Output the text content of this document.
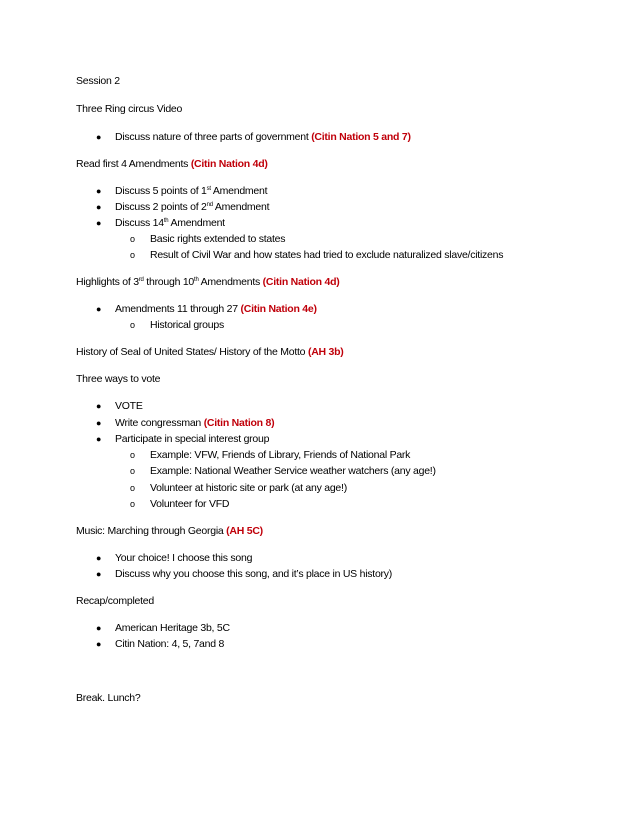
Session 2
Three Ring circus Video
● Discuss nature of three parts of government (Citin Nation 5 and 7)
Read first 4 Amendments (Citin Nation 4d)
● Discuss 5 points of 1st Amendment
● Discuss 2 points of 2nd Amendment
● Discuss 14th Amendment
o Basic rights extended to states
o Result of Civil War and how states had tried to exclude naturalized slave/citizens
Highlights of 3rd through 10th Amendments (Citin Nation 4d)
● Amendments 11 through 27 (Citin Nation 4e)
o Historical groups
History of Seal of United States/ History of the Motto (AH 3b)
Three ways to vote
● VOTE
● Write congressman (Citin Nation 8)
● Participate in special interest group
o Example: VFW, Friends of Library, Friends of National Park
o Example: National Weather Service weather watchers (any age!)
o Volunteer at historic site or park (at any age!)
o Volunteer for VFD
Music: Marching through Georgia (AH 5C)
● Your choice! I choose this song
● Discuss why you choose this song, and it’s place in US history)
Recap/completed
● American Heritage 3b, 5C
● Citin Nation: 4, 5, 7and 8
Break. Lunch?
